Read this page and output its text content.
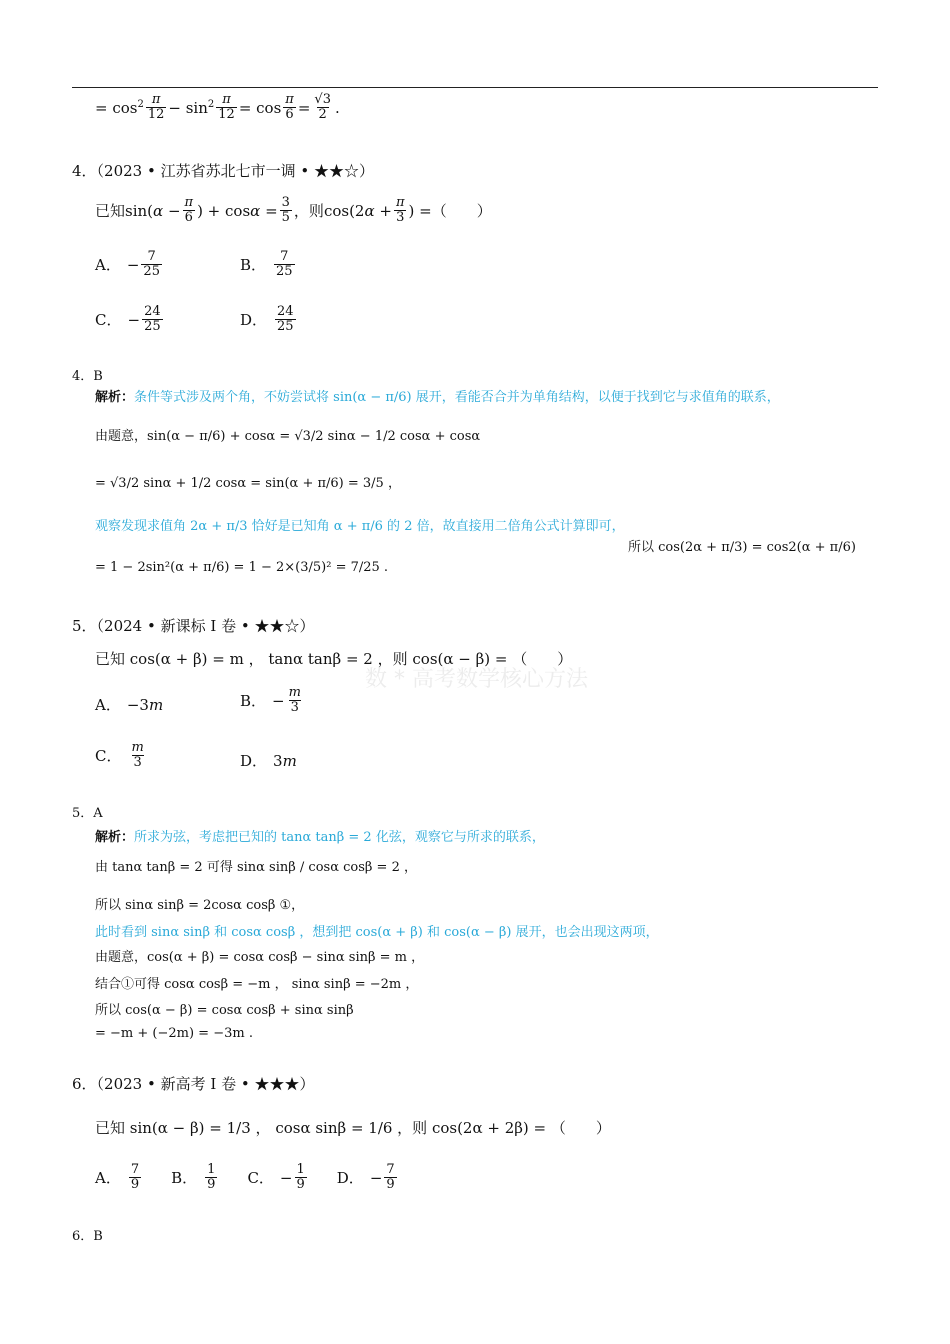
= $\cos^2 \frac{\pi}{12} - \sin^2 \frac{\pi}{12} = \cos \frac{\pi}{6} = \frac{√3}{2}$ .
4．（2023 • 江苏省苏北七市一调 • ★★☆）
已知 $\sin(\alpha - \frac{\pi}{6}$ ) + $\cos\alpha = \frac{3}{5}$ ，则 $\cos(2\alpha + \frac{\pi}{3}$ ) = （　　）
A． − $\frac{7}{25}$	B． $\frac{7}{25}$
C． − $\frac{24}{25}$	D． $\frac{24}{25}$
4．B
解析： 条件等式涉及两个角，不妨尝试将 sin(α − π/6) 展开，看能否合并为单角结构，以便于找到它与求值角的联系，
由题意，sin(α − π/6) + cosα = √3/2 sinα − 1/2 cosα + cosα
= √3/2 sinα + 1/2 cosα = sin(α + π/6) = 3/5 ，
观察发现求值角 2α + π/3 恰好是已知角 α + π/6 的 2 倍，故直接用二倍角公式计算即可，
所以 cos(2α + π/3) = cos2(α + π/6)
= 1 − 2sin²(α + π/6) = 1 − 2×(3/5)² = 7/25 .
5．（2024 • 新课标 Ⅰ 卷 • ★★☆）
已知 cos(α + β) = m ， tanα tanβ = 2 ，则 cos(α − β) = （　　）
数 * 高考数学核心方法
A． −3m	B． − $\frac{m}{3}$
C． $\frac{m}{3}$	D． 3m
5．A
解析： 所求为弦，考虑把已知的 tanα tanβ = 2 化弦，观察它与所求的联系，
由 tanα tanβ = 2 可得 sinα sinβ / cosα cosβ = 2 ，
所以 sinα sinβ = 2cosα cosβ ①，
此时看到 sinα sinβ 和 cosα cosβ ，想到把 cos(α + β) 和 cos(α − β) 展开，也会出现这两项，
由题意，cos(α + β) = cosα cosβ − sinα sinβ = m ，
结合①可得 cosα cosβ = −m ， sinα sinβ = −2m ，
所以 cos(α − β) = cosα cosβ + sinα sinβ
= −m + (−2m) = −3m .
6．（2023 • 新高考 Ⅰ 卷 • ★★★）
已知 sin(α − β) = 1/3 ， cosα sinβ = 1/6 ，则 cos(2α + 2β) = （　　）
A． $\frac{7}{9}$ B． $\frac{1}{9}$ C． − $\frac{1}{9}$ D． − $\frac{7}{9}$
6．B
